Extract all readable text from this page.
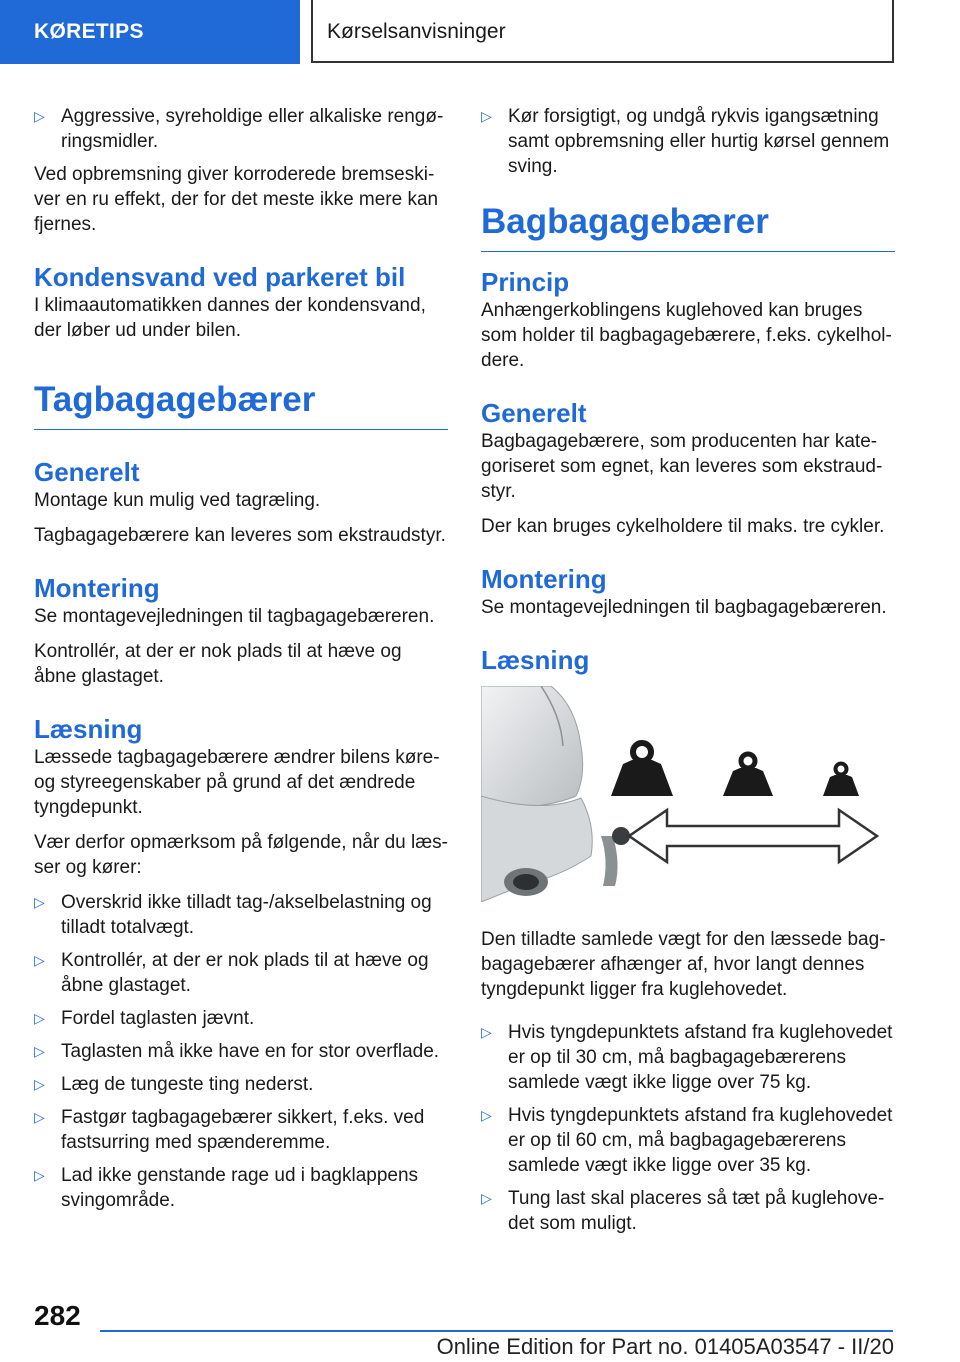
KØRETIPS	Kørselsanvisninger
▷ Aggressive, syreholdige eller alkaliske rengøringsmidler.

Ved opbremsning giver korroderede bremseskiver en ru effekt, der for det meste ikke mere kan fjernes.

Kondensvand ved parkeret bil

I klimaautomatikken dannes der kondensvand, der løber ud under bilen.

Tagbagagebærer
Generelt

Montage kun mulig ved tagræling.

Tagbagagebærere kan leveres som ekstraudstyr.

Montering

Se montagevejledningen til tagbagagebæreren.

Kontrollér, at der er nok plads til at hæve og åbne glastaget.

Læsning

Læssede tagbagagebærere ændrer bilens køre- og styreegenskaber på grund af det ændrede tyngdepunkt.

Vær derfor opmærksom på følgende, når du læsser og kører:

▷ Overskrid ikke tilladt tag-/akselbelastning og tilladt totalvægt.
▷ Kontrollér, at der er nok plads til at hæve og åbne glastaget.
▷ Fordel taglasten jævnt.
▷ Taglasten må ikke have en for stor overflade.
▷ Læg de tungeste ting nederst.
▷ Fastgør tagbagagebærer sikkert, f.eks. ved fastsurring med spænderemme.
▷ Lad ikke genstande rage ud i bagklappens svingområde.
▷ Kør forsigtigt, og undgå rykvis igangsætning samt opbremsning eller hurtig kørsel gennem sving.
Bagbagagebærer
Princip

Anhængerkoblingens kuglehoved kan bruges som holder til bagbagagebærere, f.eks. cykelholdere.

Generelt

Bagbagagebærere, som producenten har kategoriseret som egnet, kan leveres som ekstraudstyr.

Der kan bruges cykelholdere til maks. tre cykler.

Montering

Se montagevejledningen til bagbagagebæreren.

Læsning

Den tilladte samlede vægt for den læssede bagbagagebærer afhænger af, hvor langt dennes tyngdepunkt ligger fra kuglehovedet.

▷ Hvis tyngdepunktets afstand fra kuglehovedet er op til 30 cm, må bagbagagebærerens samlede vægt ikke ligge over 75 kg.
▷ Hvis tyngdepunktets afstand fra kuglehovedet er op til 60 cm, må bagbagagebærerens samlede vægt ikke ligge over 35 kg.
▷ Tung last skal placeres så tæt på kuglehovedet som muligt.
282
Online Edition for Part no. 01405A03547 - II/20
